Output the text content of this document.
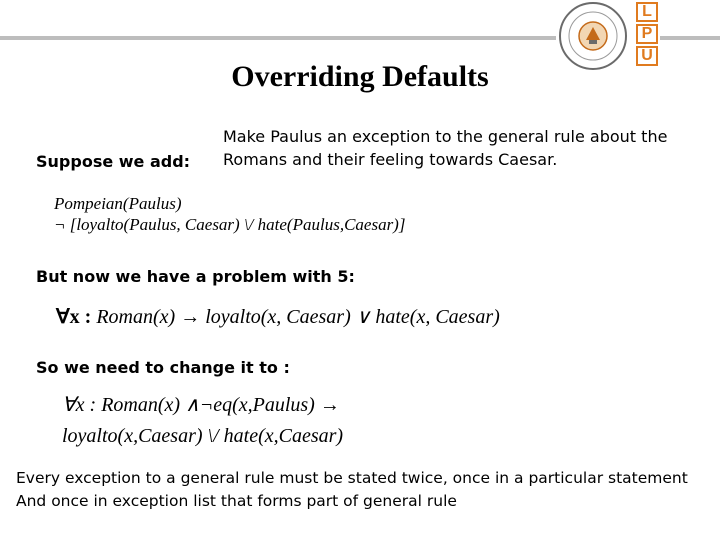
L
P
U
Overriding Defaults
Suppose we add:
Make Paulus an exception to the general rule about the Romans and their feeling towards Caesar.
Pompeian(Paulus)
¬ [loyalto(Paulus, Caesar) \/ hate(Paulus,Caesar)]
But now we have a problem with 5:
∀x : Roman(x) → loyalto(x, Caesar) ∨ hate(x, Caesar)
So we need to change it to :
∀x : Roman(x) ∧¬eq(x,Paulus) →
loyalto(x,Caesar) \/ hate(x,Caesar)
Every exception to a general rule must be stated twice, once in a particular statement
And once in exception list that forms part of general rule
